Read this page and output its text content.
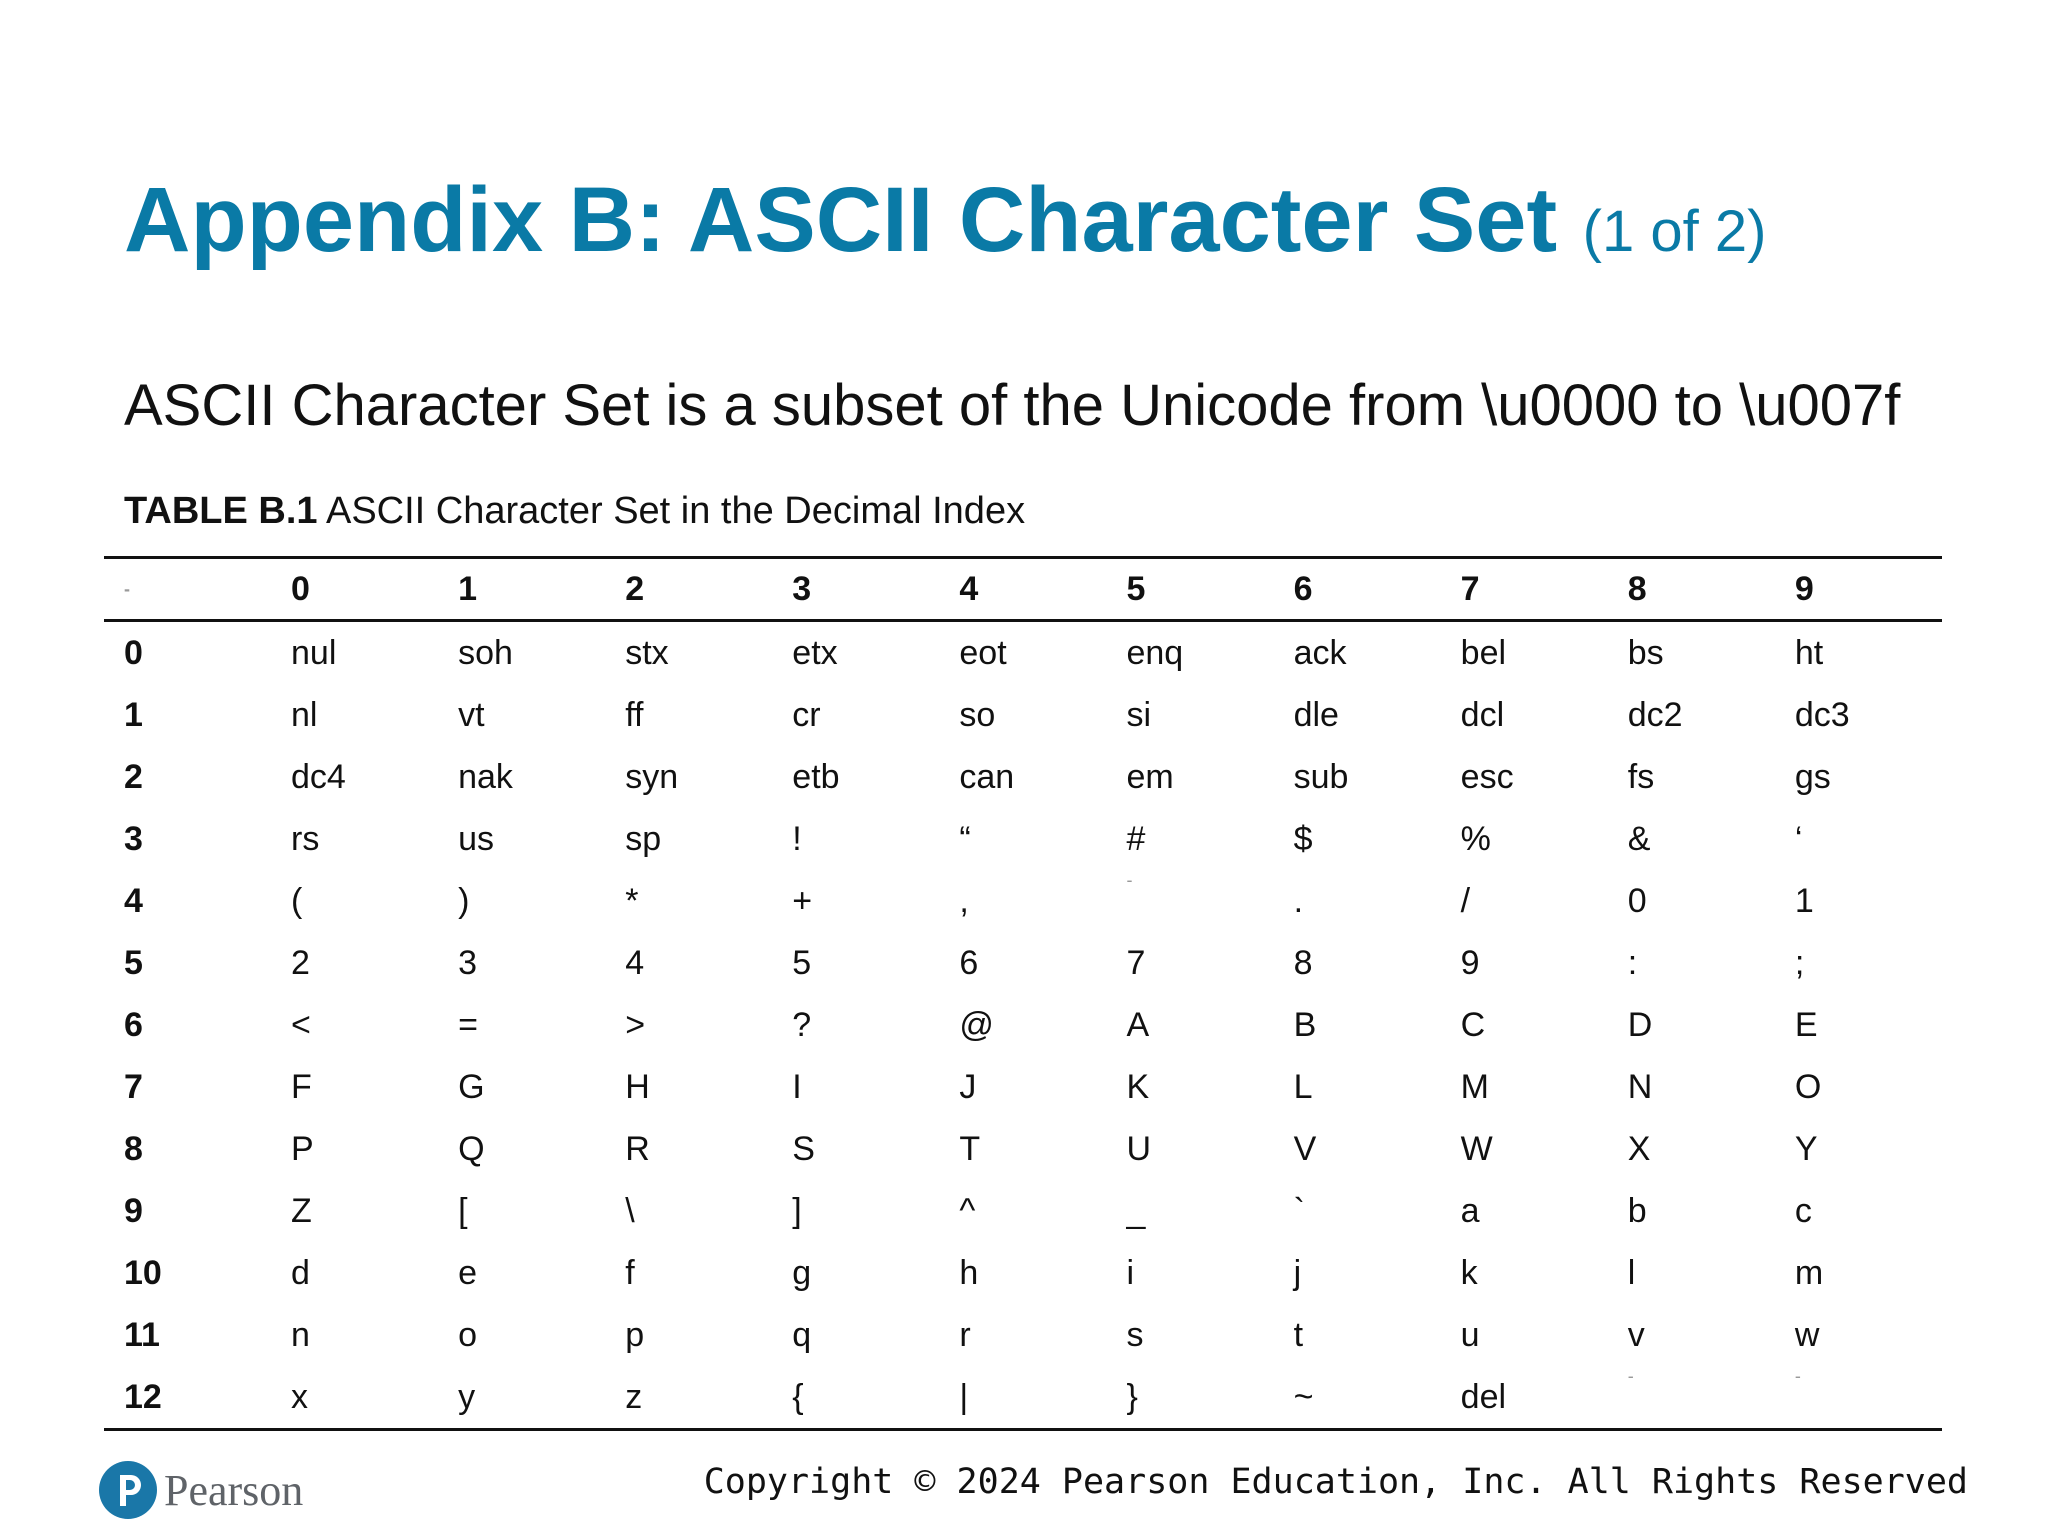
Appendix B: ASCII Character Set (1 of 2)

ASCII Character Set is a subset of the Unicode from \u0000 to \u007f

TABLE B.1 ASCII Character Set in the Decimal Index

-	0	1	2	3	4	5	6	7	8	9
0	nul	soh	stx	etx	eot	enq	ack	bel	bs	ht
1	nl	vt	ff	cr	so	si	dle	dcl	dc2	dc3
2	dc4	nak	syn	etb	can	em	sub	esc	fs	gs
3	rs	us	sp	!	“	#	$	%	&	‘
4	(	)	*	+	,	-	.	/	0	1
5	2	3	4	5	6	7	8	9	:	;
6	<	=	>	?	@	A	B	C	D	E
7	F	G	H	I	J	K	L	M	N	O
8	P	Q	R	S	T	U	V	W	X	Y
9	Z	[	\	]	^	_	`	a	b	c
10	d	e	f	g	h	i	j	k	l	m
11	n	o	p	q	r	s	t	u	v	w
12	x	y	z	{	|	}	~	del	-	-
Pearson	Copyright © 2024 Pearson Education, Inc. All Rights Reserved
